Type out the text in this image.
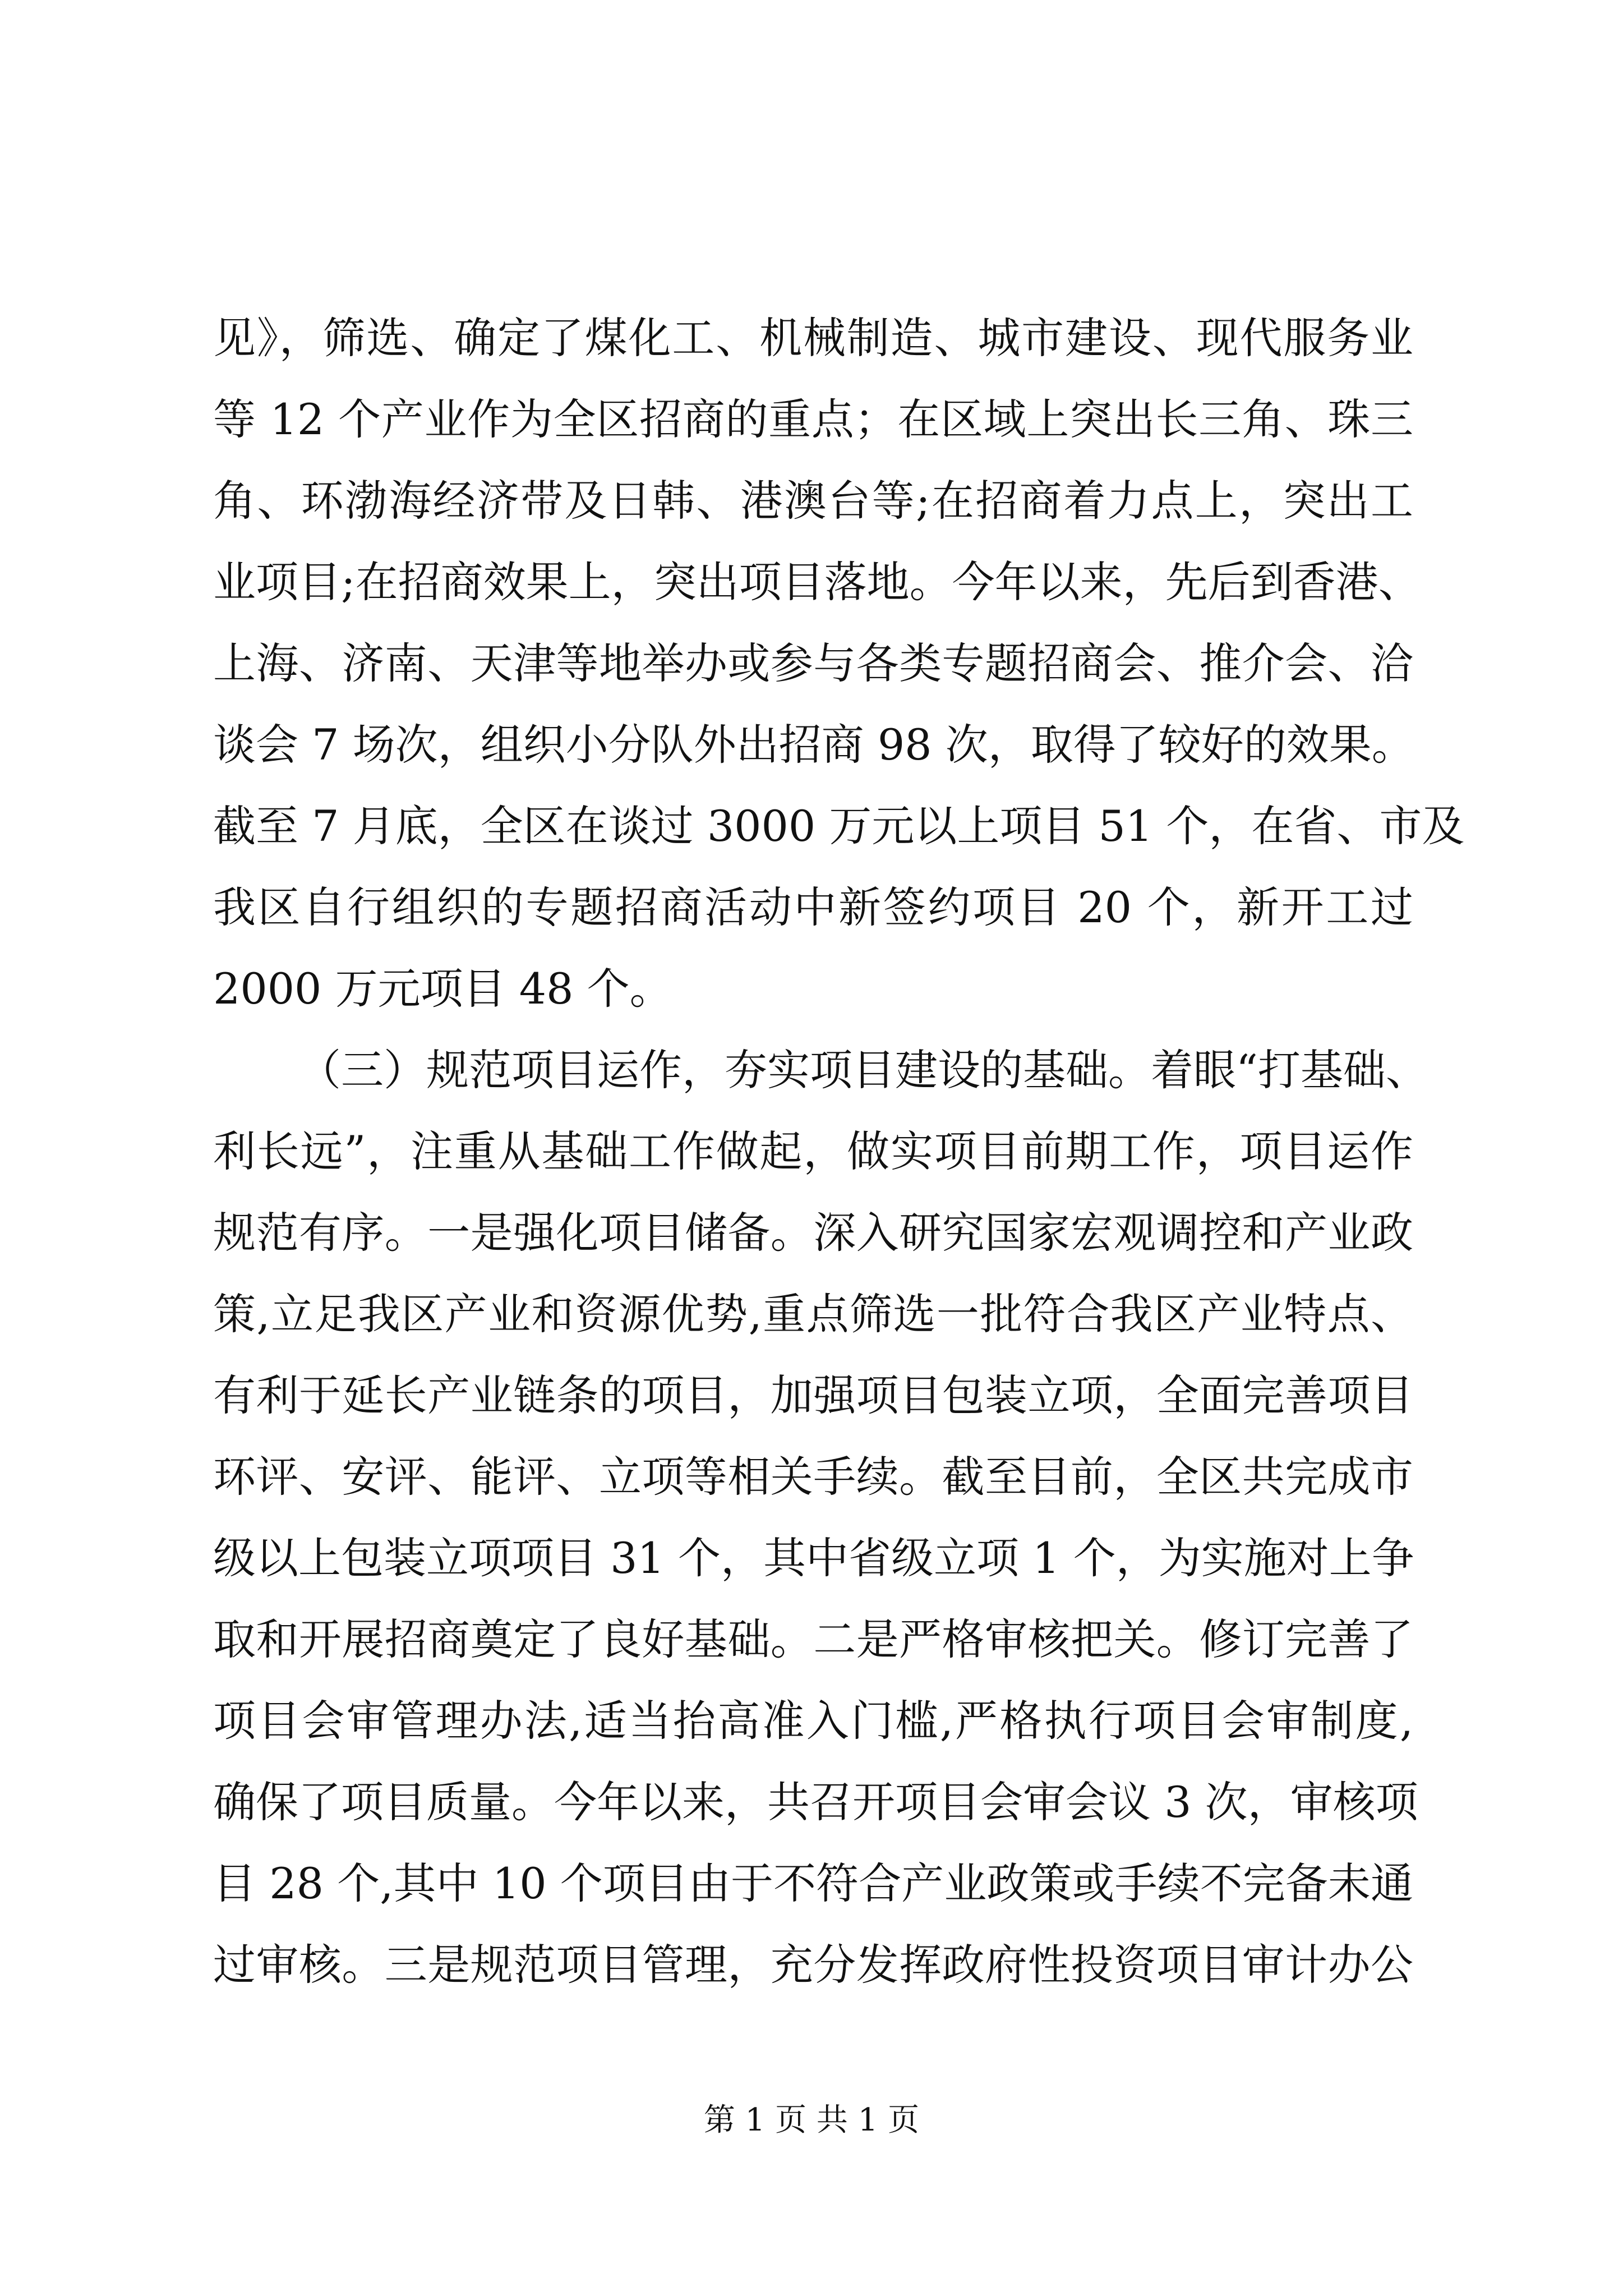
见》，筛选、确定了煤化工、机械制造、城市建设、现代服务业
等 12 个产业作为全区招商的重点；在区域上突出长三角、珠三
角、环渤海经济带及日韩、港澳台等;在招商着力点上，突出工
业项目;在招商效果上，突出项目落地。今年以来，先后到香港、
上海、济南、天津等地举办或参与各类专题招商会、推介会、洽
谈会 7 场次，组织小分队外出招商 98 次，取得了较好的效果。
截至 7 月底，全区在谈过 3000 万元以上项目 51 个，在省、市及
我区自行组织的专题招商活动中新签约项目 20 个，新开工过
2000 万元项目 48 个。
（三）规范项目运作，夯实项目建设的基础。着眼“打基础、
利长远”，注重从基础工作做起，做实项目前期工作，项目运作
规范有序。一是强化项目储备。深入研究国家宏观调控和产业政
策,立足我区产业和资源优势,重点筛选一批符合我区产业特点、
有利于延长产业链条的项目，加强项目包装立项，全面完善项目
环评、安评、能评、立项等相关手续。截至目前，全区共完成市
级以上包装立项项目 31 个，其中省级立项 1 个，为实施对上争
取和开展招商奠定了良好基础。二是严格审核把关。修订完善了
项目会审管理办法,适当抬高准入门槛,严格执行项目会审制度,
确保了项目质量。今年以来，共召开项目会审会议 3 次，审核项
目 28 个,其中 10 个项目由于不符合产业政策或手续不完备未通
过审核。三是规范项目管理，充分发挥政府性投资项目审计办公
第 1 页 共 1 页
